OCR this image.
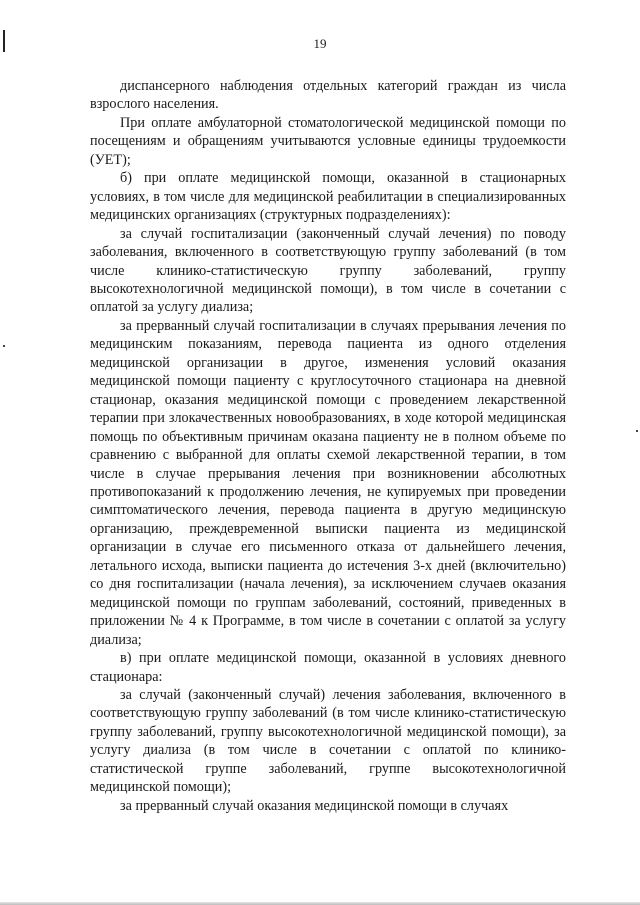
19

диспансерного наблюдения отдельных категорий граждан из числа взрослого населения.

При оплате амбулаторной стоматологической медицинской помощи по посещениям и обращениям учитываются условные единицы трудоемкости (УЕТ);

б) при оплате медицинской помощи, оказанной в стационарных условиях, в том числе для медицинской реабилитации в специализированных медицинских организациях (структурных подразделениях):

за случай госпитализации (законченный случай лечения) по поводу заболевания, включенного в соответствующую группу заболеваний (в том числе клинико-статистическую группу заболеваний, группу высокотехнологичной медицинской помощи), в том числе в сочетании с оплатой за услугу диализа;

за прерванный случай госпитализации в случаях прерывания лечения по медицинским показаниям, перевода пациента из одного отделения медицинской организации в другое, изменения условий оказания медицинской помощи пациенту с круглосуточного стационара на дневной стационар, оказания медицинской помощи с проведением лекарственной терапии при злокачественных новообразованиях, в ходе которой медицинская помощь по объективным причинам оказана пациенту не в полном объеме по сравнению с выбранной для оплаты схемой лекарственной терапии, в том числе в случае прерывания лечения при возникновении абсолютных противопоказаний к продолжению лечения, не купируемых при проведении симптоматического лечения, перевода пациента в другую медицинскую организацию, преждевременной выписки пациента из медицинской организации в случае его письменного отказа от дальнейшего лечения, летального исхода, выписки пациента до истечения 3-х дней (включительно) со дня госпитализации (начала лечения), за исключением случаев оказания медицинской помощи по группам заболеваний, состояний, приведенных в приложении № 4 к Программе, в том числе в сочетании с оплатой за услугу диализа;

в) при оплате медицинской помощи, оказанной в условиях дневного стационара:

за случай (законченный случай) лечения заболевания, включенного в соответствующую группу заболеваний (в том числе клинико-статистическую группу заболеваний, группу высокотехнологичной медицинской помощи), за услугу диализа (в том числе в сочетании с оплатой по клинико-статистической группе заболеваний, группе высокотехнологичной медицинской помощи);

за прерванный случай оказания медицинской помощи в случаях
